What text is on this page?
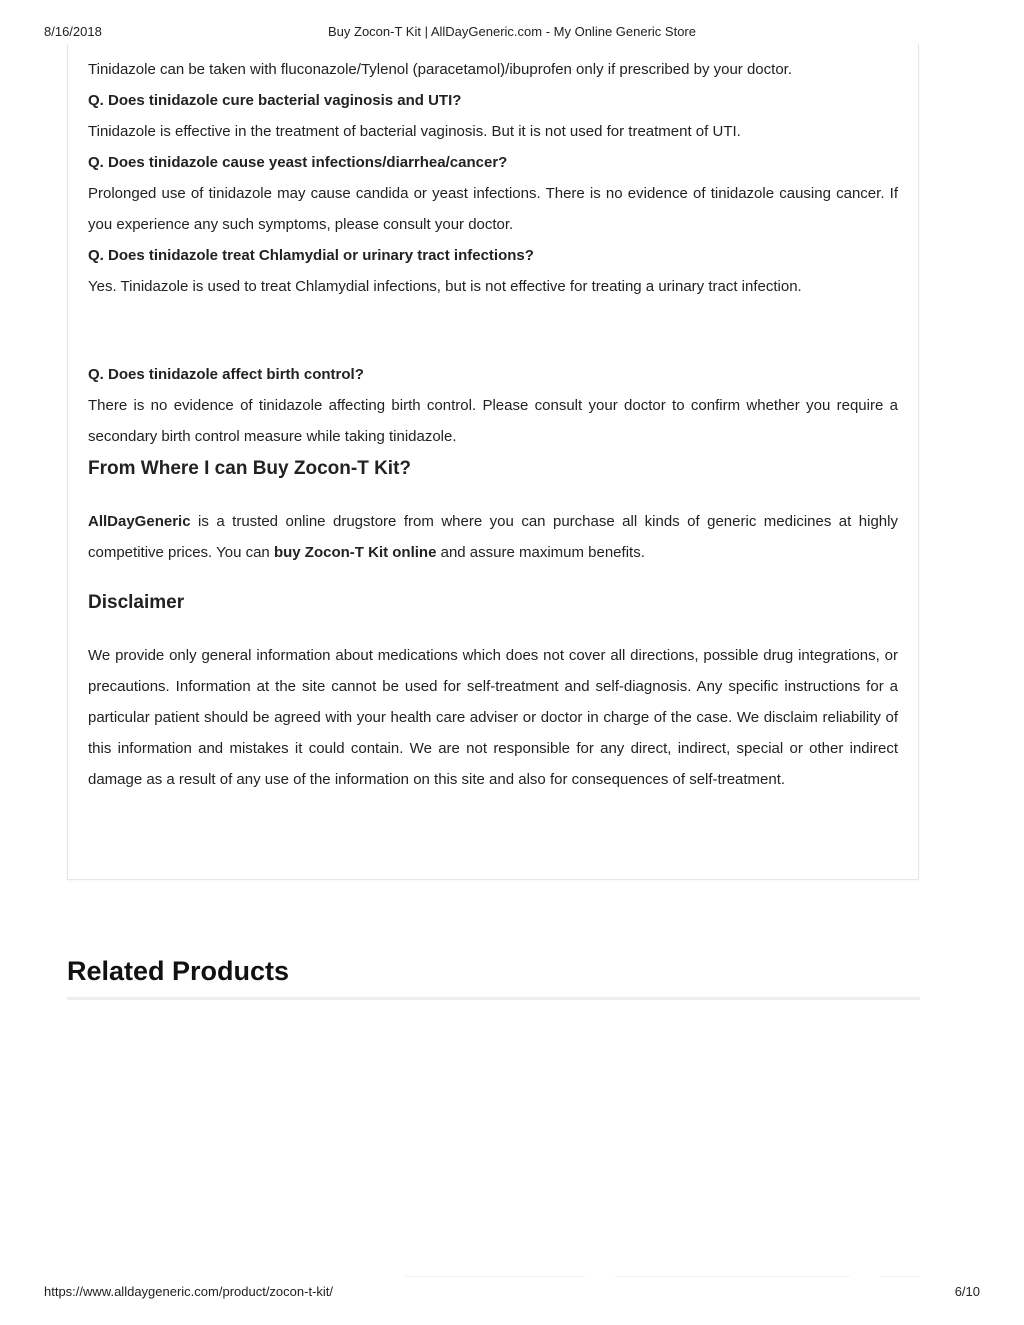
8/16/2018	Buy Zocon-T Kit | AllDayGeneric.com - My Online Generic Store

Tinidazole can be taken with fluconazole/Tylenol (paracetamol)/ibuprofen only if prescribed by your doctor.

Q. Does tinidazole cure bacterial vaginosis and UTI?

Tinidazole is effective in the treatment of bacterial vaginosis. But it is not used for treatment of UTI.

Q. Does tinidazole cause yeast infections/diarrhea/cancer?

Prolonged use of tinidazole may cause candida or yeast infections. There is no evidence of tinidazole causing cancer. If you experience any such symptoms, please consult your doctor.

Q. Does tinidazole treat Chlamydial or urinary tract infections?

Yes. Tinidazole is used to treat Chlamydial infections, but is not effective for treating a urinary tract infection.

Q. Does tinidazole affect birth control?

There is no evidence of tinidazole affecting birth control. Please consult your doctor to confirm whether you require a secondary birth control measure while taking tinidazole.

From Where I can Buy Zocon-T Kit?

AllDayGeneric is a trusted online drugstore from where you can purchase all kinds of generic medicines at highly competitive prices. You can buy Zocon-T Kit online and assure maximum benefits.

Disclaimer

We provide only general information about medications which does not cover all directions, possible drug integrations, or precautions. Information at the site cannot be used for self-treatment and self-diagnosis. Any specific instructions for a particular patient should be agreed with your health care adviser or doctor in charge of the case. We disclaim reliability of this information and mistakes it could contain. We are not responsible for any direct, indirect, special or other indirect damage as a result of any use of the information on this site and also for consequences of self-treatment.

Related Products
https://www.alldaygeneric.com/product/zocon-t-kit/	6/10
